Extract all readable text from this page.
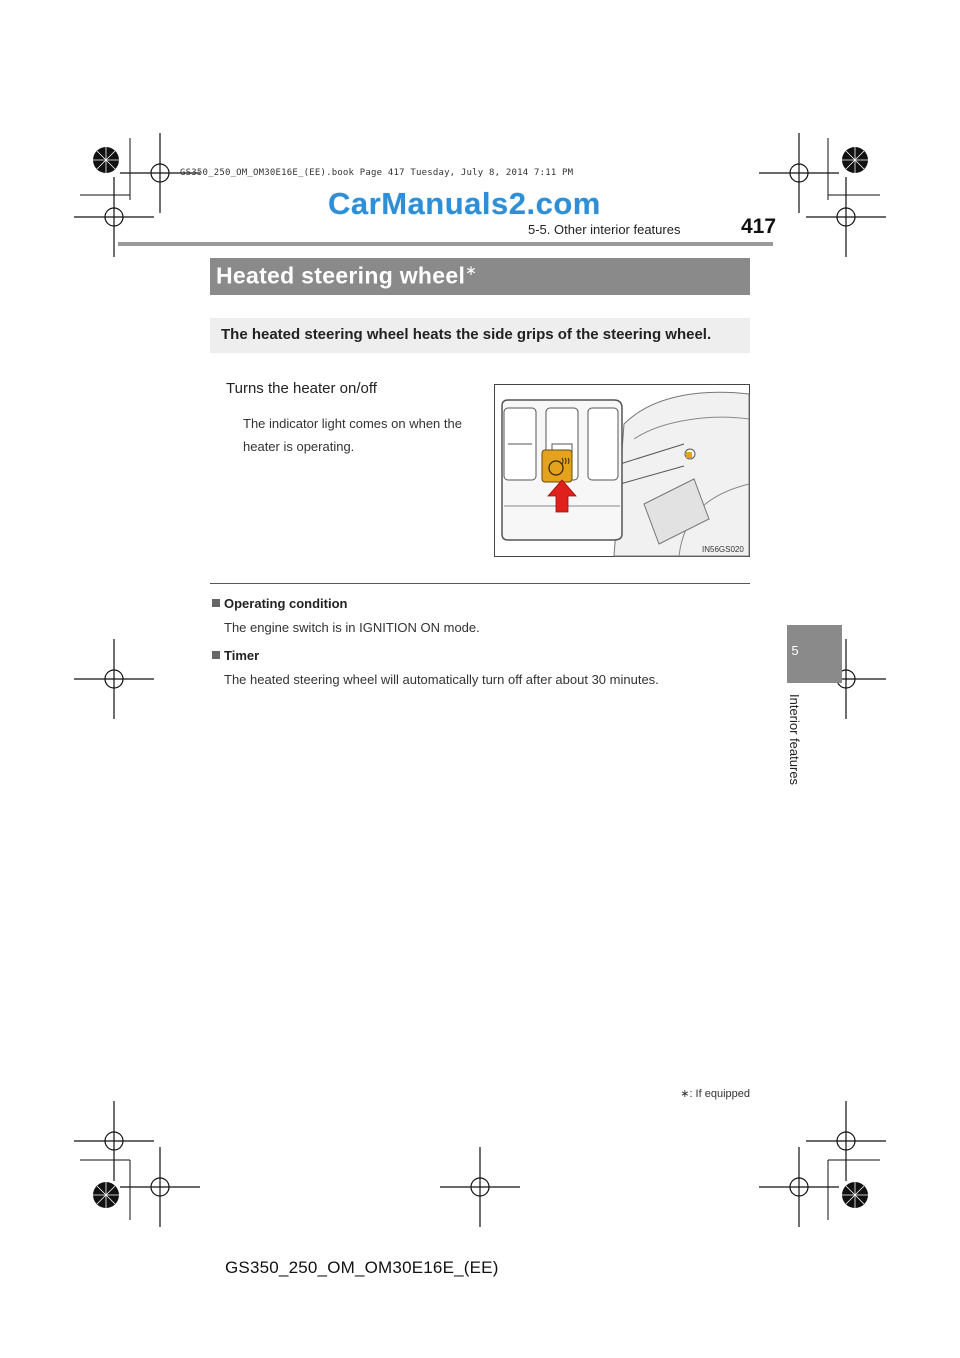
GS350_250_OM_OM30E16E_(EE).book Page 417 Tuesday, July 8, 2014 7:11 PM
CarManuals2.com
5-5. Other interior features	417
Heated steering wheel∗
The heated steering wheel heats the side grips of the steering wheel.
Turns the heater on/off
The indicator light comes on when the heater is operating.
IN56GS020
Operating condition
The engine switch is in IGNITION ON mode.
Timer
The heated steering wheel will automatically turn off after about 30 minutes.
5
Interior features
∗: If equipped
GS350_250_OM_OM30E16E_(EE)
